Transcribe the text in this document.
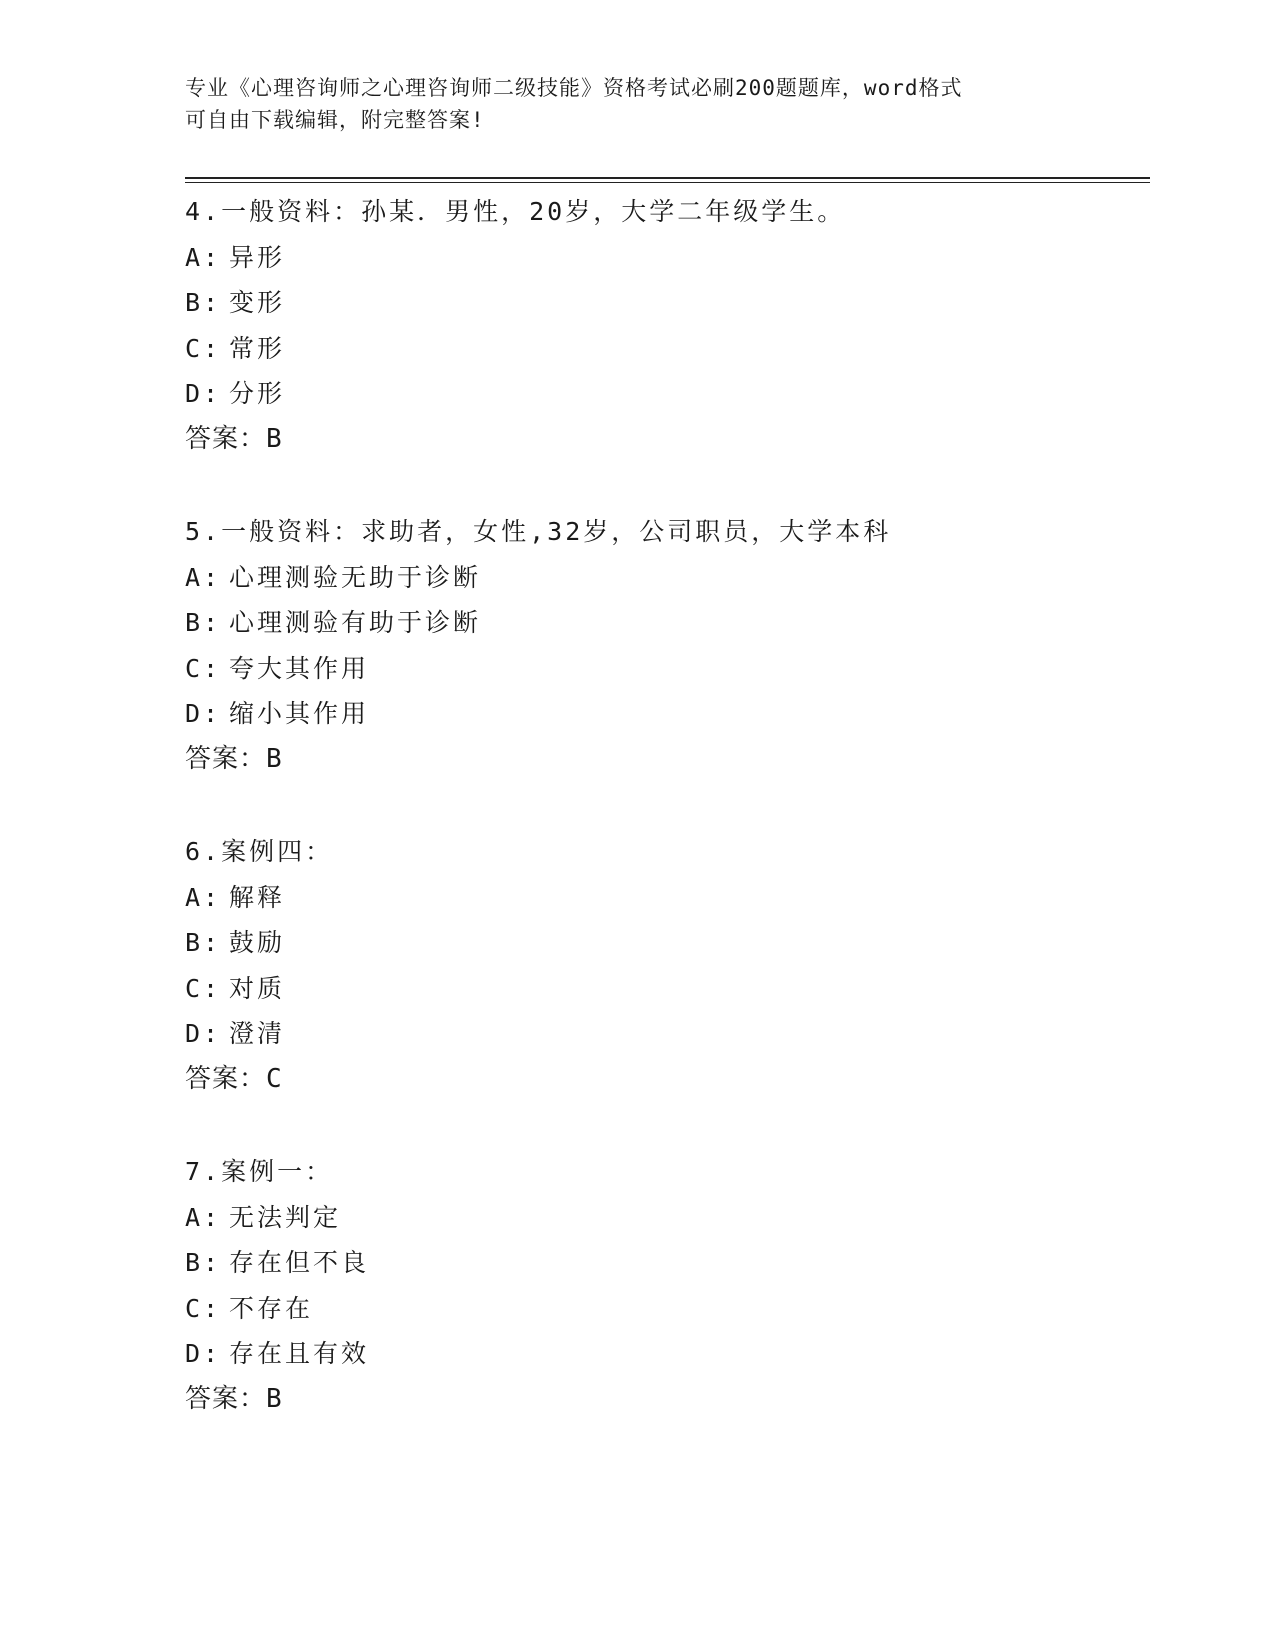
专业《心理咨询师之心理咨询师二级技能》资格考试必刷200题题库，word格式
可自由下载编辑，附完整答案!
4.一般资料：孙某．男性，20岁，大学二年级学生。
A: 异形
B: 变形
C: 常形
D: 分形
答案：B
5.一般资料：求助者，女性,32岁，公司职员，大学本科
A: 心理测验无助于诊断
B: 心理测验有助于诊断
C: 夸大其作用
D: 缩小其作用
答案：B
6.案例四：
A: 解释
B: 鼓励
C: 对质
D: 澄清
答案：C
7.案例一：
A: 无法判定
B: 存在但不良
C: 不存在
D: 存在且有效
答案：B
